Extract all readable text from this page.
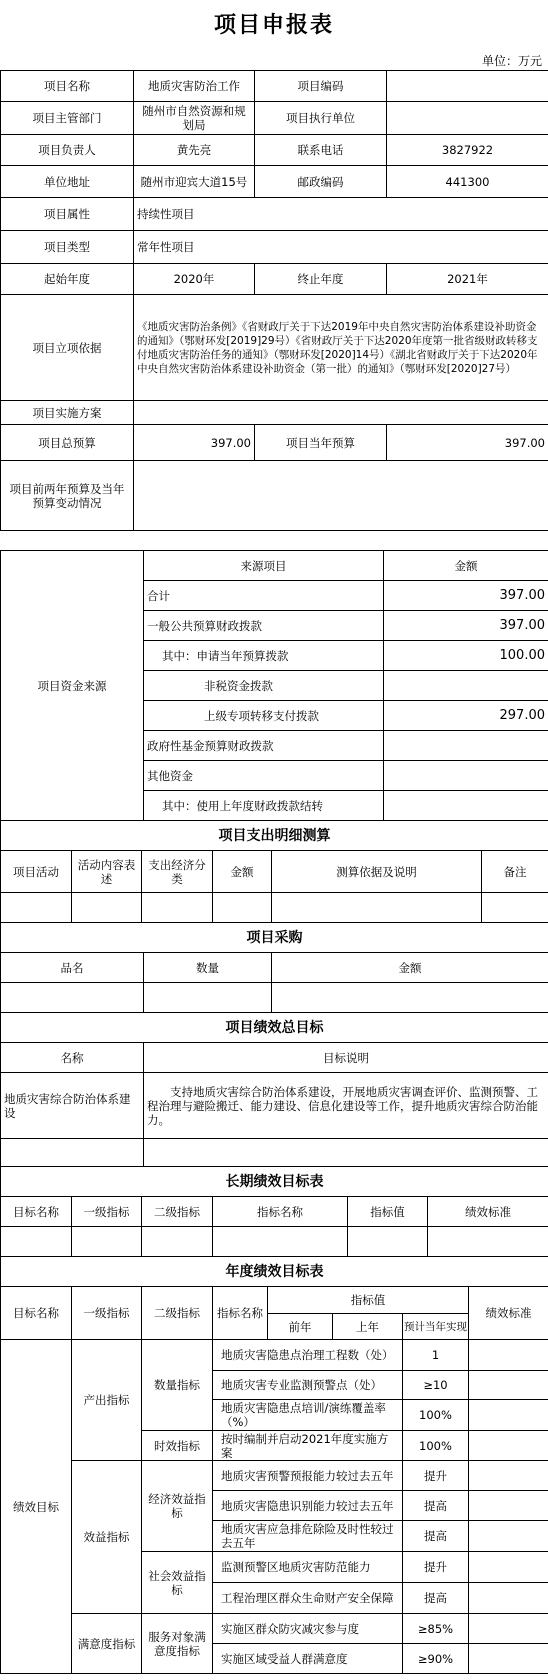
项目申报表
单位：万元
项目名称	地质灾害防治工作	项目编码	
项目主管部门	随州市自然资源和规划局	项目执行单位	
项目负责人	黄先亮	联系电话	3827922
单位地址	随州市迎宾大道15号	邮政编码	441300
项目属性	持续性项目		
项目类型	常年性项目		
起始年度	2020年	终止年度	2021年
项目立项依据	《地质灾害防治条例》《省财政厅关于下达2019年中央自然灾害防治体系建设补助资金的通知》（鄂财环发[2019]29号）《省财政厅关于下达2020年度第一批省级财政转移支付地质灾害防治任务的通知》（鄂财环发[2020]14号）《湖北省财政厅关于下达2020年中央自然灾害防治体系建设补助资金（第一批）的通知》（鄂财环发[2020]27号）		
项目实施方案			
项目总预算	397.00	项目当年预算	397.00
项目前两年预算及当年预算变动情况			
项目资金来源	来源项目	金额
	合计	397.00
	一般公共预算财政拨款	397.00
	其中：申请当年预算拨款	100.00
	非税资金拨款	
	上级专项转移支付拨款	297.00
	政府性基金预算财政拨款	
	其他资金	
	其中：使用上年度财政拨款结转	
项目支出明细测算					
项目活动	活动内容表述	支出经济分类	金额	测算依据及说明	备注

项目采购		
品名	数量	金额

项目绩效总目标	
名称	目标说明
地质灾害综合防治体系建设	支持地质灾害综合防治体系建设，开展地质灾害调查评价、监测预警、工程治理与避险搬迁、能力建设、信息化建设等工作，提升地质灾害综合防治能力。

长期绩效目标表					
目标名称	一级指标	二级指标	指标名称	指标值	绩效标准

年度绩效目标表							
目标名称	一级指标	二级指标	指标名称	指标值			绩效标准
				前年	上年	预计当年实现	
绩效目标	产出指标	数量指标	地质灾害隐患点治理工程数（处）			1	
			地质灾害专业监测预警点（处）			≥10	
			地质灾害隐患点培训/演练覆盖率（%）			100%	
		时效指标	按时编制并启动2021年度实施方案			100%	
	效益指标	经济效益指标	地质灾害预警预报能力较过去五年			提升	
			地质灾害隐患识别能力较过去五年			提高	
			地质灾害应急排危除险及时性较过去五年			提高	
		社会效益指标	监测预警区地质灾害防范能力			提升	
			工程治理区群众生命财产安全保障			提高	
	满意度指标	服务对象满意度指标	实施区群众防灾减灾参与度			≥85%	
			实施区域受益人群满意度			≥90%	
